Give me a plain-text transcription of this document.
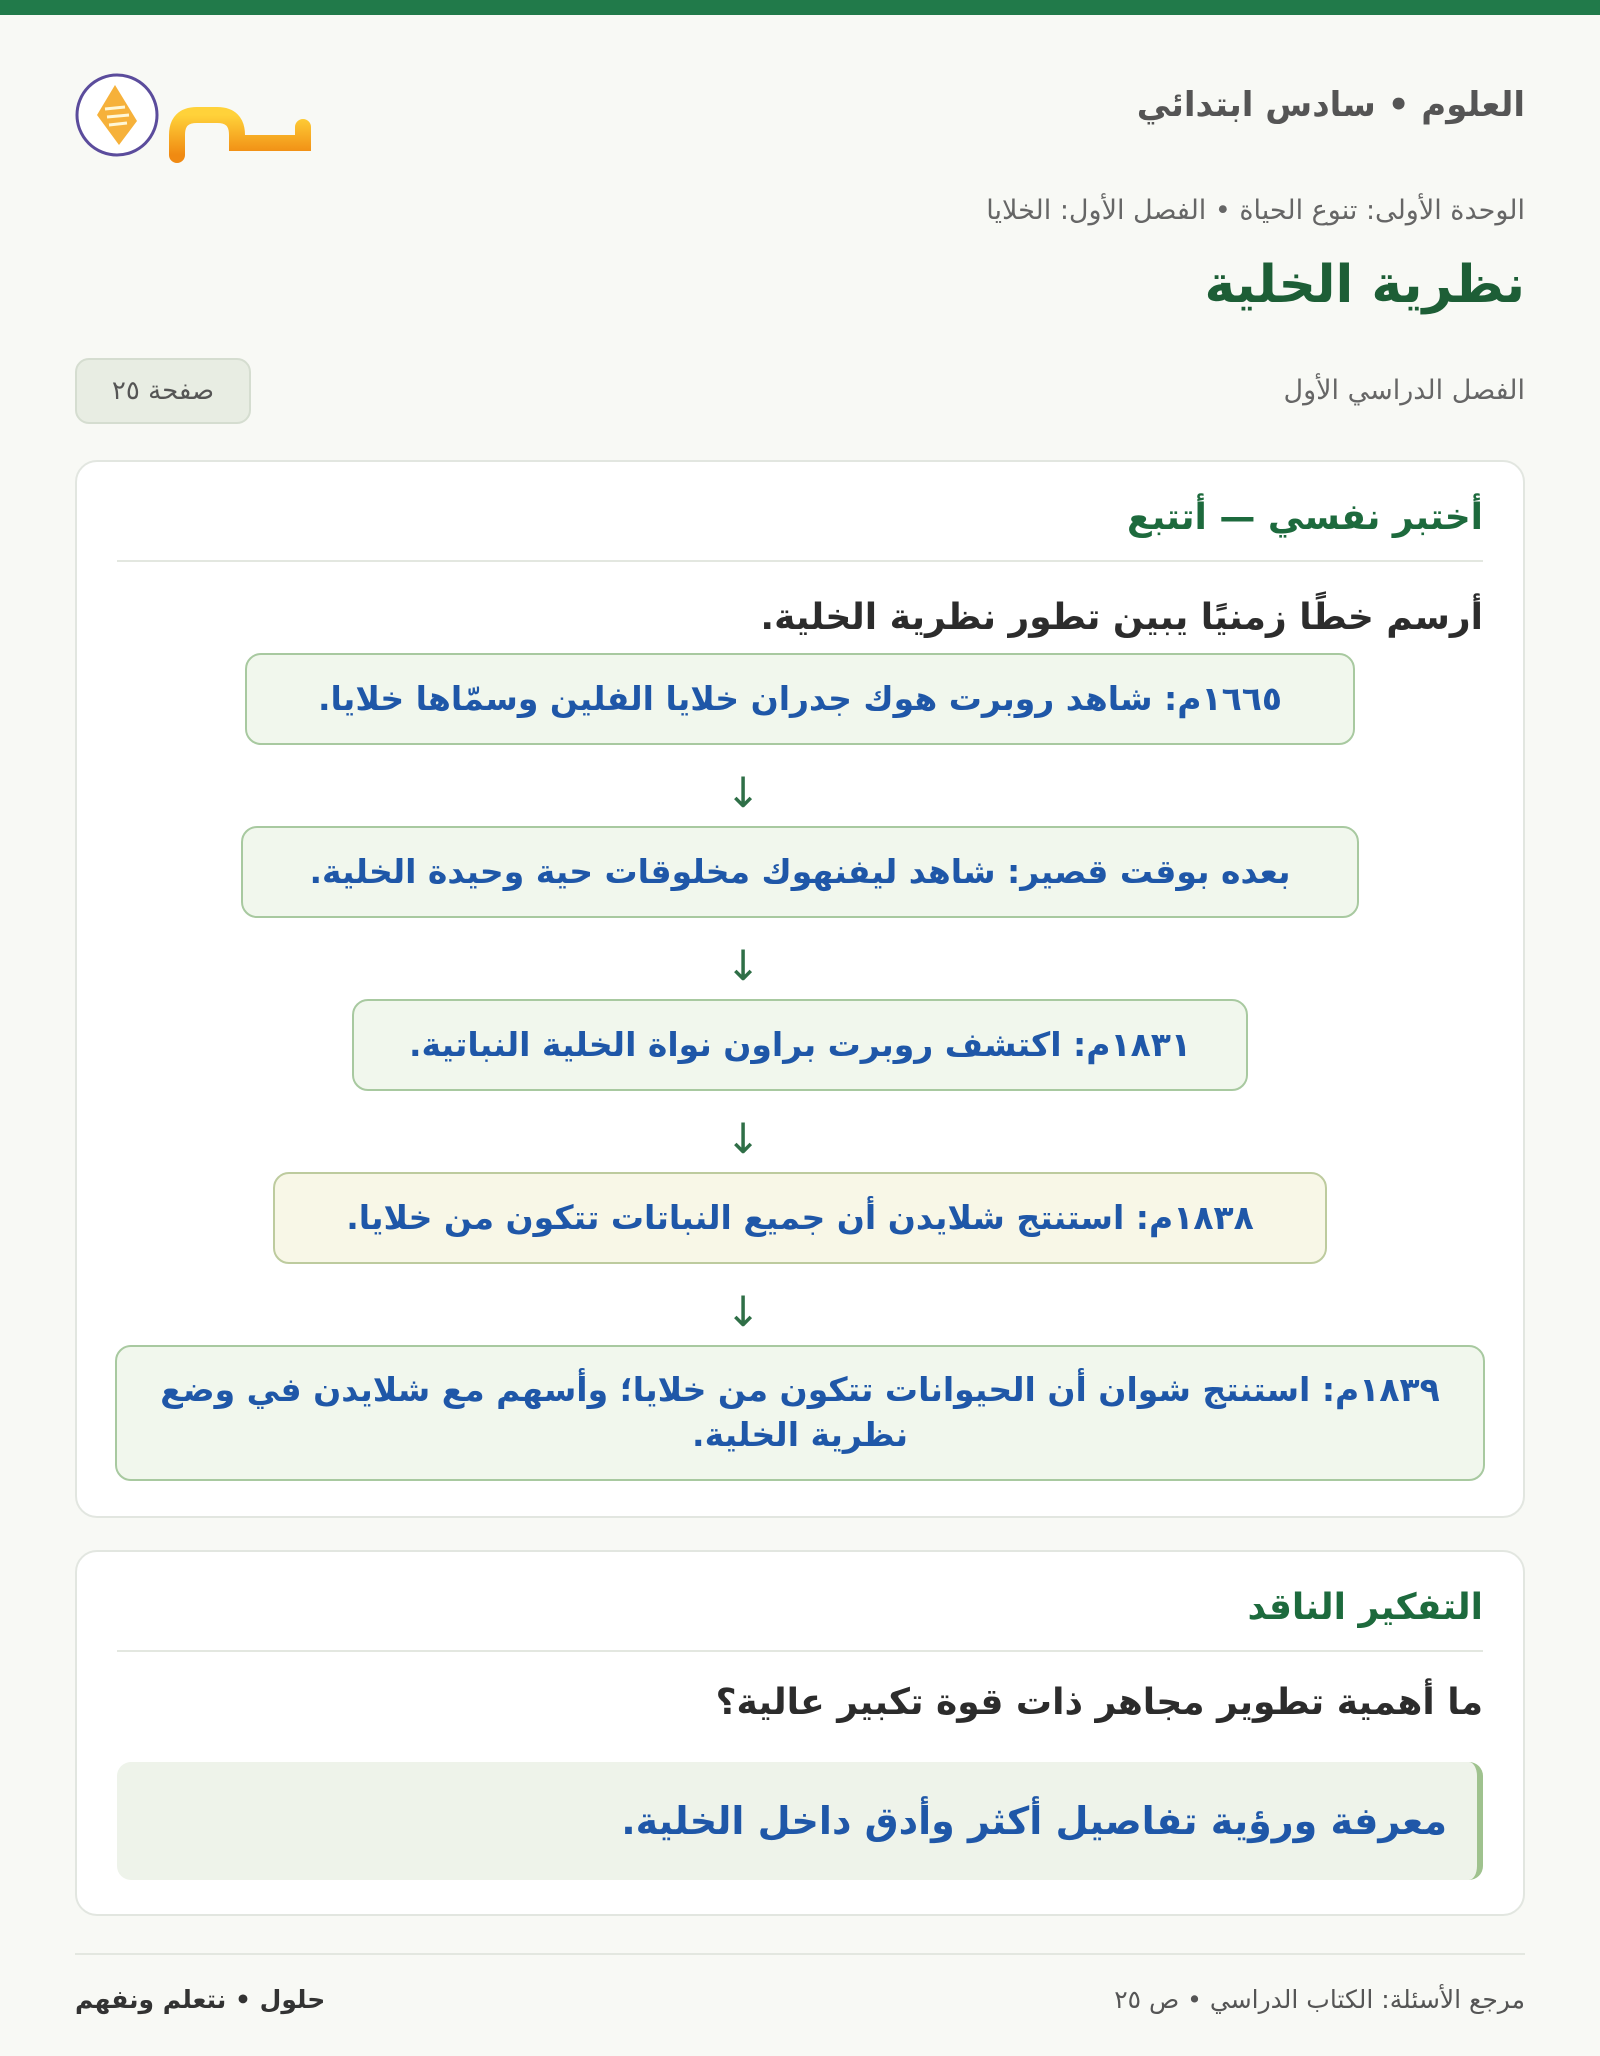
العلوم • سادس ابتدائي
الوحدة الأولى: تنوع الحياة • الفصل الأول: الخلايا
نظرية الخلية
الفصل الدراسي الأول
صفحة ٢٥
أختبر نفسي — أتتبع
أرسم خطًا زمنيًا يبين تطور نظرية الخلية.
١٦٦٥م: شاهد روبرت هوك جدران خلايا الفلين وسمّاها خلايا.
↓
بعده بوقت قصير: شاهد ليفنهوك مخلوقات حية وحيدة الخلية.
↓
١٨٣١م: اكتشف روبرت براون نواة الخلية النباتية.
↓
١٨٣٨م: استنتج شلايدن أن جميع النباتات تتكون من خلايا.
↓
١٨٣٩م: استنتج شوان أن الحيوانات تتكون من خلايا؛ وأسهم مع شلايدن في وضع نظرية الخلية.
التفكير الناقد
ما أهمية تطوير مجاهر ذات قوة تكبير عالية؟
معرفة ورؤية تفاصيل أكثر وأدق داخل الخلية.
مرجع الأسئلة: الكتاب الدراسي • ص ٢٥
حلول • نتعلم ونفهم
